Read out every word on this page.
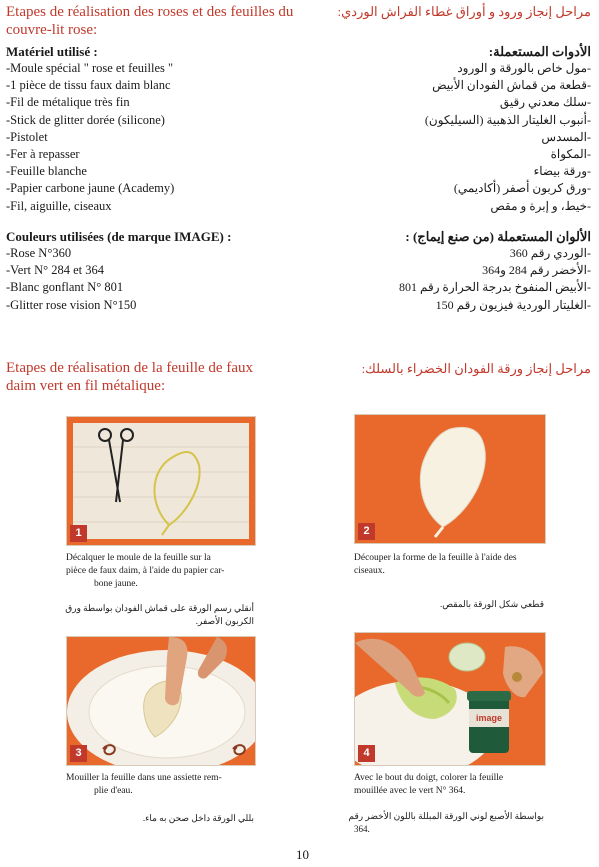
Etapes de réalisation des roses et des feuilles du
couvre-lit rose:
مراحل إنجاز ورود و أوراق غطاء الفراش الوردي:
Matériel utilisé :	الأدوات المستعملة:
-Moule spécial " rose et feuilles "
-1 pièce de tissu faux daim blanc
-Fil de métalique très fin
-Stick de glitter dorée (silicone)
-Pistolet
-Fer à repasser
-Feuille blanche
-Papier carbone jaune (Academy)
-Fil, aiguille, ciseaux
-مول خاص بالورقة و الورود
-قطعة من قماش الفودان الأبيض
-سلك معدني رقيق
-أنبوب الغليتار الذهبية (السيليكون)
-المسدس
-المكواة
-ورقة بيضاء
-ورق كربون أصفر (أكاديمي)
-خيط، و إبرة و مقص
Couleurs utilisées (de marque IMAGE) :	الألوان المستعملة (من صنع إيماج) :
-Rose N°360
-Vert N° 284 et 364
-Blanc gonflant N° 801
-Glitter rose vision N°150
-الوردي رقم 360
-الأخضر رقم 284 و364
-الأبيض المنفوخ بدرجة الحرارة رقم 801
-الغليتار الوردية فيزيون رقم 150
Etapes de réalisation de la feuille de faux
daim vert en fil métalique:
مراحل إنجاز ورقة الفودان الخضراء بالسلك:
1	2
Décalquer le moule de la feuille sur la
pièce de faux daim, à l'aide du papier car-
bone jaune.
أنقلي رسم الورقة على قماش الفودان بواسطة ورق
الكربون الأصفر.
Découper la forme de la feuille à l'aide des
ciseaux.
قطعي شكل الورقة بالمقص.
3
image
4
Mouiller la feuille dans une assiette rem-
plie d'eau.
بللي الورقة داخل صحن به ماء.
Avec le bout du doigt, colorer la feuille
mouillée avec le vert N° 364.
بواسطة الأصبع لوني الورقة المبللة باللون الأخضر رقم
364.
10
